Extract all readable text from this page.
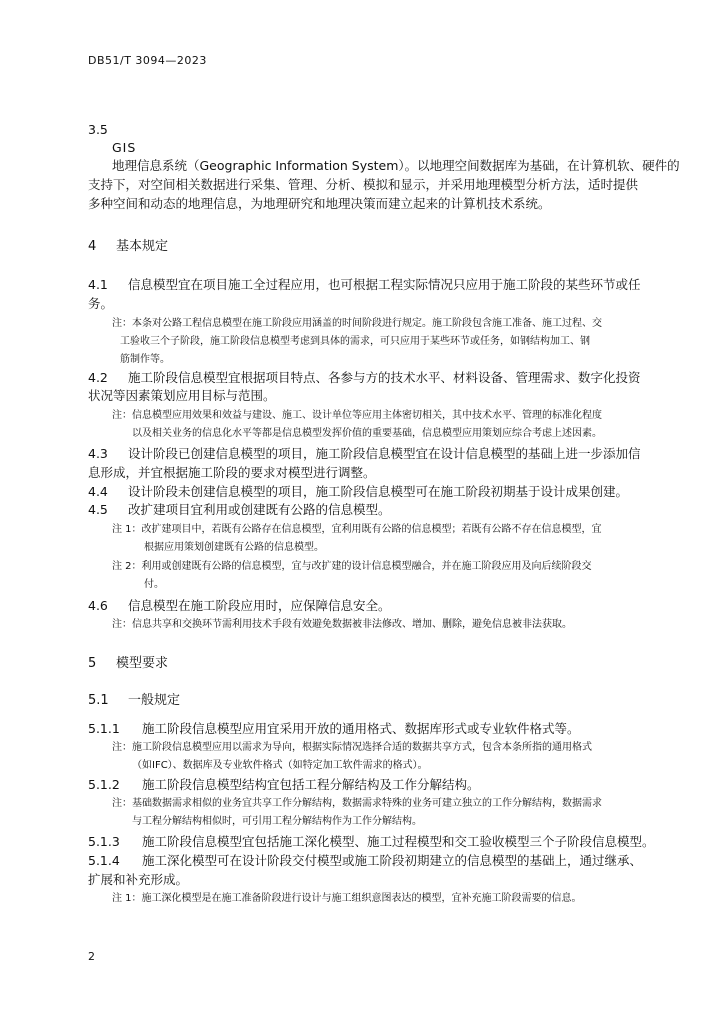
DB51/T 3094—2023
3.5
GIS
地理信息系统（Geographic Information System）。以地理空间数据库为基础，在计算机软、硬件的
支持下，对空间相关数据进行采集、管理、分析、模拟和显示，并采用地理模型分析方法，适时提供
多种空间和动态的地理信息，为地理研究和地理决策而建立起来的计算机技术系统。
4 基本规定
4.1 信息模型宜在项目施工全过程应用，也可根据工程实际情况只应用于施工阶段的某些环节或任
务。
注：本条对公路工程信息模型在施工阶段应用涵盖的时间阶段进行规定。施工阶段包含施工准备、施工过程、交
工验收三个子阶段，施工阶段信息模型考虑到具体的需求，可只应用于某些环节或任务，如钢结构加工、钢
筋制作等。
4.2 施工阶段信息模型宜根据项目特点、各参与方的技术水平、材料设备、管理需求、数字化投资
状况等因素策划应用目标与范围。
注：信息模型应用效果和效益与建设、施工、设计单位等应用主体密切相关，其中技术水平、管理的标准化程度
以及相关业务的信息化水平等都是信息模型发挥价值的重要基础，信息模型应用策划应综合考虑上述因素。
4.3 设计阶段已创建信息模型的项目，施工阶段信息模型宜在设计信息模型的基础上进一步添加信
息形成，并宜根据施工阶段的要求对模型进行调整。
4.4 设计阶段未创建信息模型的项目，施工阶段信息模型可在施工阶段初期基于设计成果创建。
4.5 改扩建项目宜利用或创建既有公路的信息模型。
注 1：改扩建项目中，若既有公路存在信息模型，宜利用既有公路的信息模型；若既有公路不存在信息模型，宜
根据应用策划创建既有公路的信息模型。
注 2：利用或创建既有公路的信息模型，宜与改扩建的设计信息模型融合，并在施工阶段应用及向后续阶段交
付。
4.6 信息模型在施工阶段应用时，应保障信息安全。
注：信息共享和交换环节需利用技术手段有效避免数据被非法修改、增加、删除，避免信息被非法获取。
5 模型要求
5.1 一般规定
5.1.1 施工阶段信息模型应用宜采用开放的通用格式、数据库形式或专业软件格式等。
注：施工阶段信息模型应用以需求为导向，根据实际情况选择合适的数据共享方式，包含本条所指的通用格式
（如IFC）、数据库及专业软件格式（如特定加工软件需求的格式）。
5.1.2 施工阶段信息模型结构宜包括工程分解结构及工作分解结构。
注：基础数据需求相似的业务宜共享工作分解结构，数据需求特殊的业务可建立独立的工作分解结构，数据需求
与工程分解结构相似时，可引用工程分解结构作为工作分解结构。
5.1.3 施工阶段信息模型宜包括施工深化模型、施工过程模型和交工验收模型三个子阶段信息模型。
5.1.4 施工深化模型可在设计阶段交付模型或施工阶段初期建立的信息模型的基础上，通过继承、
扩展和补充形成。
注 1：施工深化模型是在施工准备阶段进行设计与施工组织意图表达的模型，宜补充施工阶段需要的信息。
2
